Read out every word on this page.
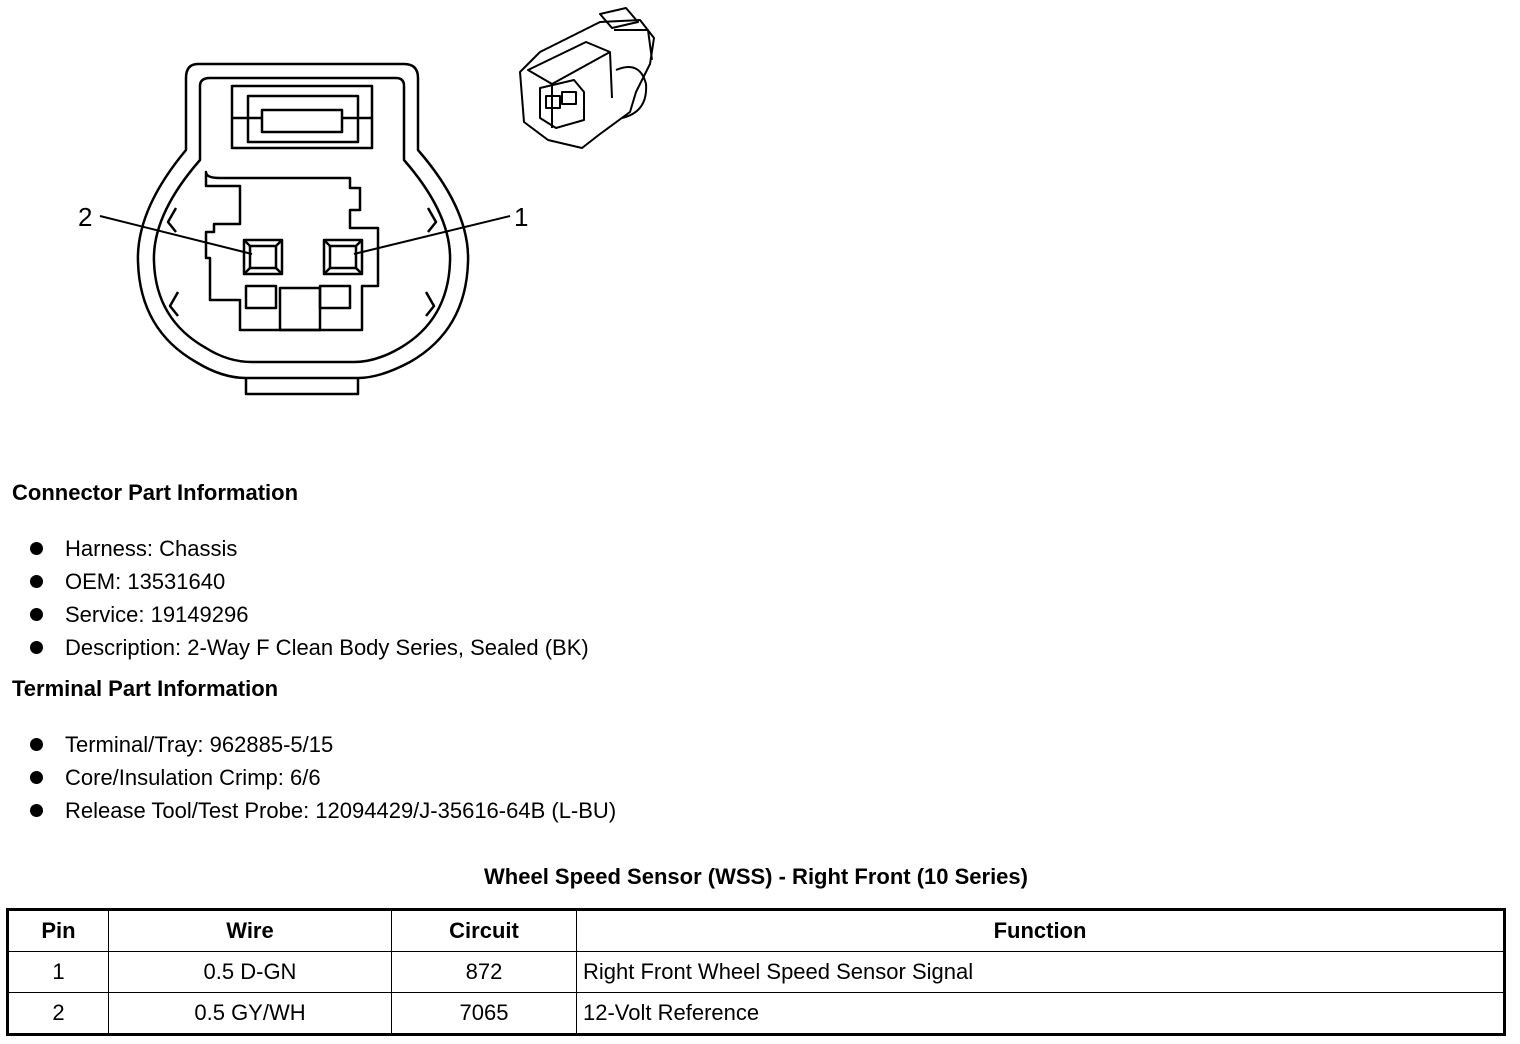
2	1
Connector Part Information
Harness: Chassis
OEM: 13531640
Service: 19149296
Description: 2-Way F Clean Body Series, Sealed (BK)
Terminal Part Information
Terminal/Tray: 962885-5/15
Core/Insulation Crimp: 6/6
Release Tool/Test Probe: 12094429/J-35616-64B (L-BU)
Wheel Speed Sensor (WSS) - Right Front (10 Series)
Pin	Wire	Circuit	Function
1	0.5 D-GN	872	Right Front Wheel Speed Sensor Signal
2	0.5 GY/WH	7065	12-Volt Reference
